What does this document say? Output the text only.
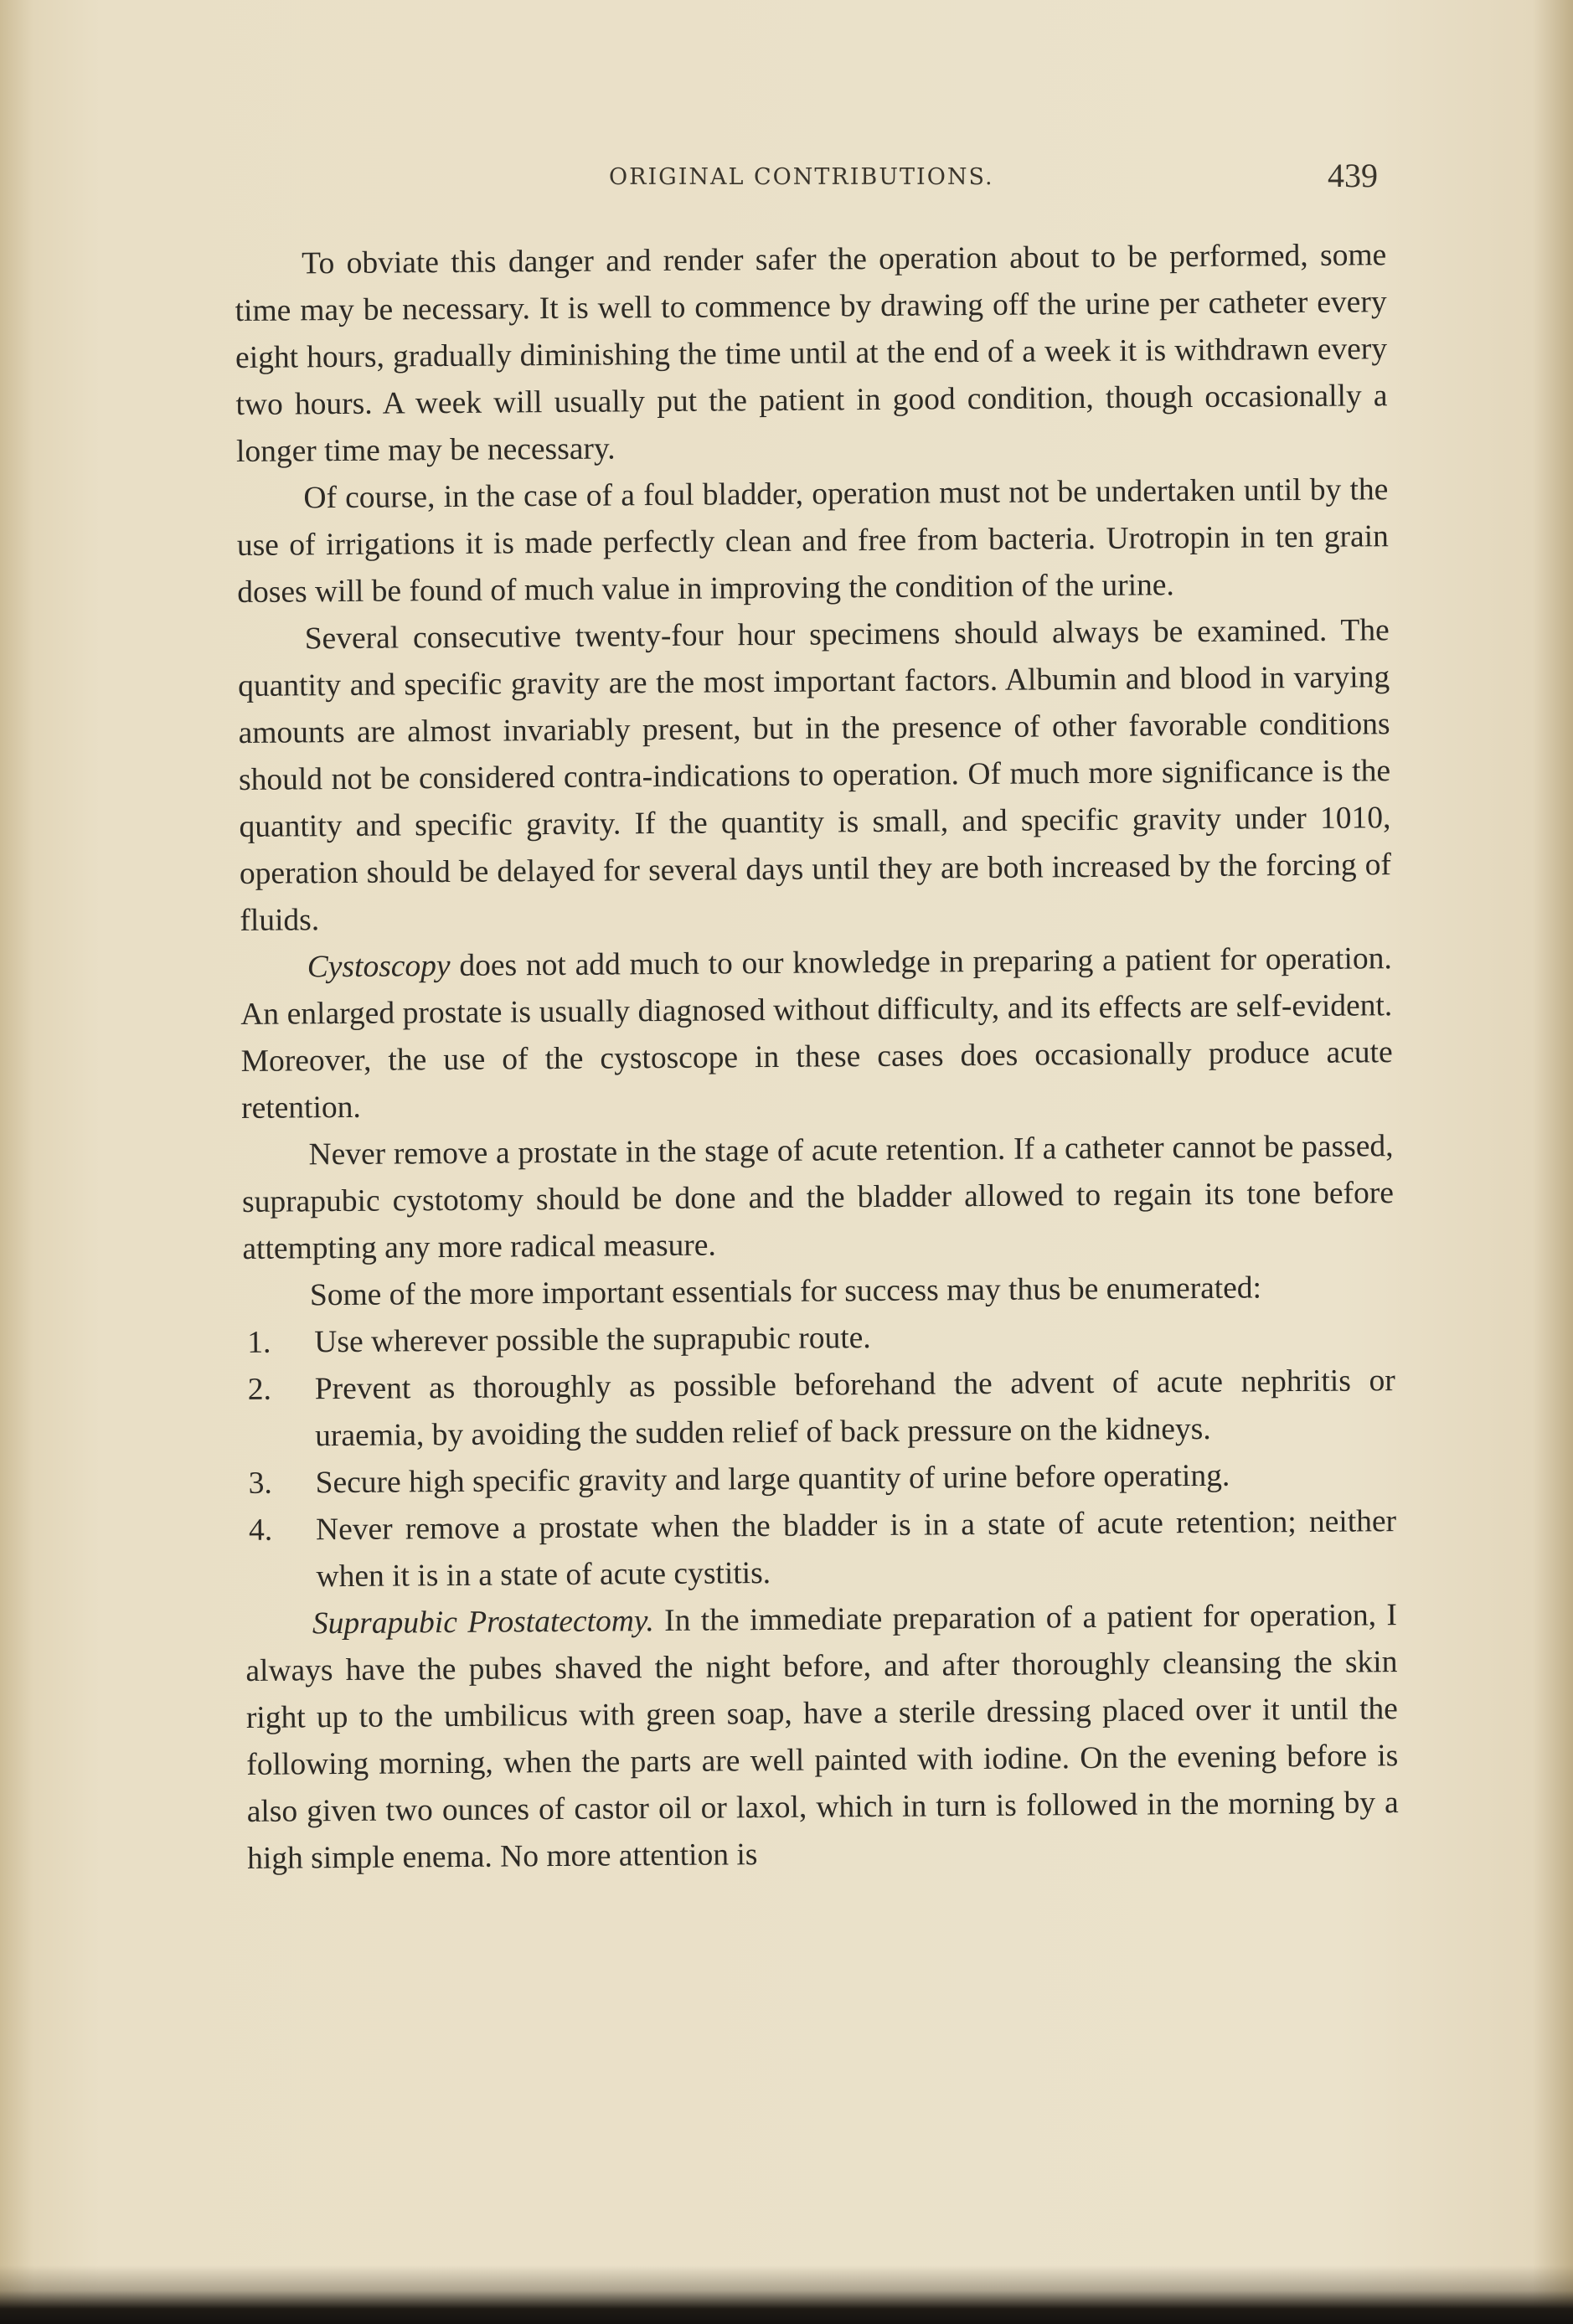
ORIGINAL CONTRIBUTIONS.	439

To obviate this danger and render safer the operation about to be performed, some time may be necessary. It is well to commence by drawing off the urine per catheter every eight hours, gradually diminishing the time until at the end of a week it is withdrawn every two hours. A week will usually put the patient in good condition, though occasionally a longer time may be necessary.

Of course, in the case of a foul bladder, operation must not be undertaken until by the use of irrigations it is made perfectly clean and free from bacteria. Urotropin in ten grain doses will be found of much value in improving the condition of the urine.

Several consecutive twenty-four hour specimens should always be examined. The quantity and specific gravity are the most important factors. Albumin and blood in varying amounts are almost invariably present, but in the presence of other favorable conditions should not be considered contra-indications to operation. Of much more significance is the quantity and specific gravity. If the quantity is small, and specific gravity under 1010, operation should be delayed for several days until they are both increased by the forcing of fluids.

Cystoscopy does not add much to our knowledge in preparing a patient for operation. An enlarged prostate is usually diagnosed without difficulty, and its effects are self-evident. Moreover, the use of the cystoscope in these cases does occasionally produce acute retention.

Never remove a prostate in the stage of acute retention. If a catheter cannot be passed, suprapubic cystotomy should be done and the bladder allowed to regain its tone before attempting any more radical measure.

Some of the more important essentials for success may thus be enumerated:

1. Use wherever possible the suprapubic route.
2. Prevent as thoroughly as possible beforehand the advent of acute nephritis or uraemia, by avoiding the sudden relief of back pressure on the kidneys.
3. Secure high specific gravity and large quantity of urine before operating.
4. Never remove a prostate when the bladder is in a state of acute retention; neither when it is in a state of acute cystitis.

Suprapubic Prostatectomy. In the immediate preparation of a patient for operation, I always have the pubes shaved the night before, and after thoroughly cleansing the skin right up to the umbilicus with green soap, have a sterile dressing placed over it until the following morning, when the parts are well painted with iodine. On the evening before is also given two ounces of castor oil or laxol, which in turn is followed in the morning by a high simple enema. No more attention is
